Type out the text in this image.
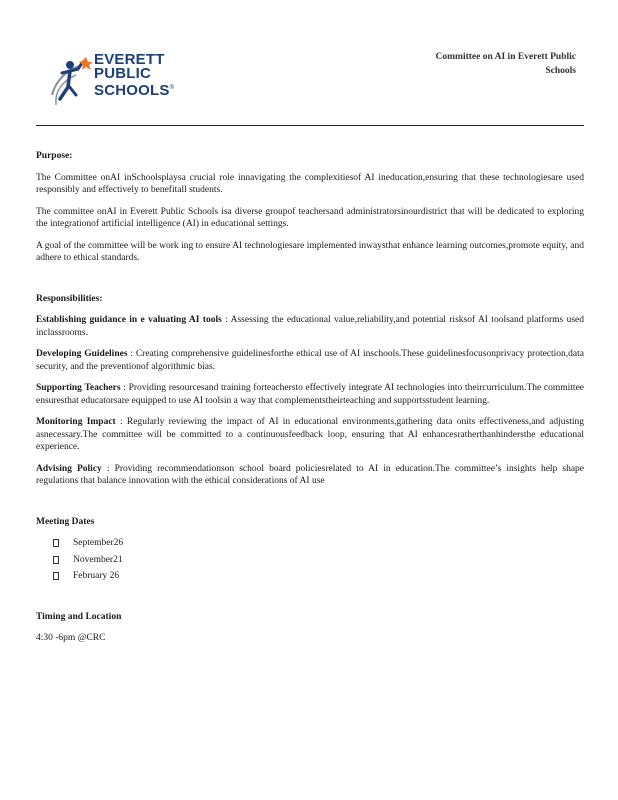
EVERETT
PUBLIC
SCHOOLS®
Committee on AI in Everett Public Schools
Purpose:

The Committee onAI inSchoolsplaysa crucial role innavigating the complexitiesof AI ineducation,ensuring that these technologiesare used responsibly and effectively to benefitall students.

The committee onAI in Everett Public Schools isa diverse groupof teachersand administratorsinourdistrict that will be dedicated to exploring the integrationof artificial intelligence (AI) in educational settings.

A goal of the committee will be work ing to ensure AI technologiesare implemented inwaysthat enhance learning outcomes,promote equity, and adhere to ethical standards.

Responsibilities:

Establishing guidance in e valuating AI tools : Assessing the educational value,reliability,and potential risksof AI toolsand platforms used inclassrooms.

Developing Guidelines : Creating comprehensive guidelinesforthe ethical use of AI inschools.These guidelinesfocusonprivacy protection,data security, and the preventionof algorithmic bias.

Supporting Teachers : Providing resourcesand training forteachersto effectively integrate AI technologies into theircurriculum.The committee ensuresthat educatorsare equipped to use AI toolsin a way that complementstheirteaching and supportsstudent learning.

Monitoring Impact : Regularly reviewing the impact of AI in educational environments,gathering data onits effectiveness,and adjusting asnecessary.The committee will be committed to a continuousfeedback loop, ensuring that AI enhancesratherthanhindersthe educational experience.

Advising Policy : Providing recommendationson school board policiesrelated to AI in education.The committee’s insights help shape regulations that balance innovation with the ethical considerations of AI use

Meeting Dates
September26
November21
February 26
Timing and Location

4:30 -6pm @CRC
